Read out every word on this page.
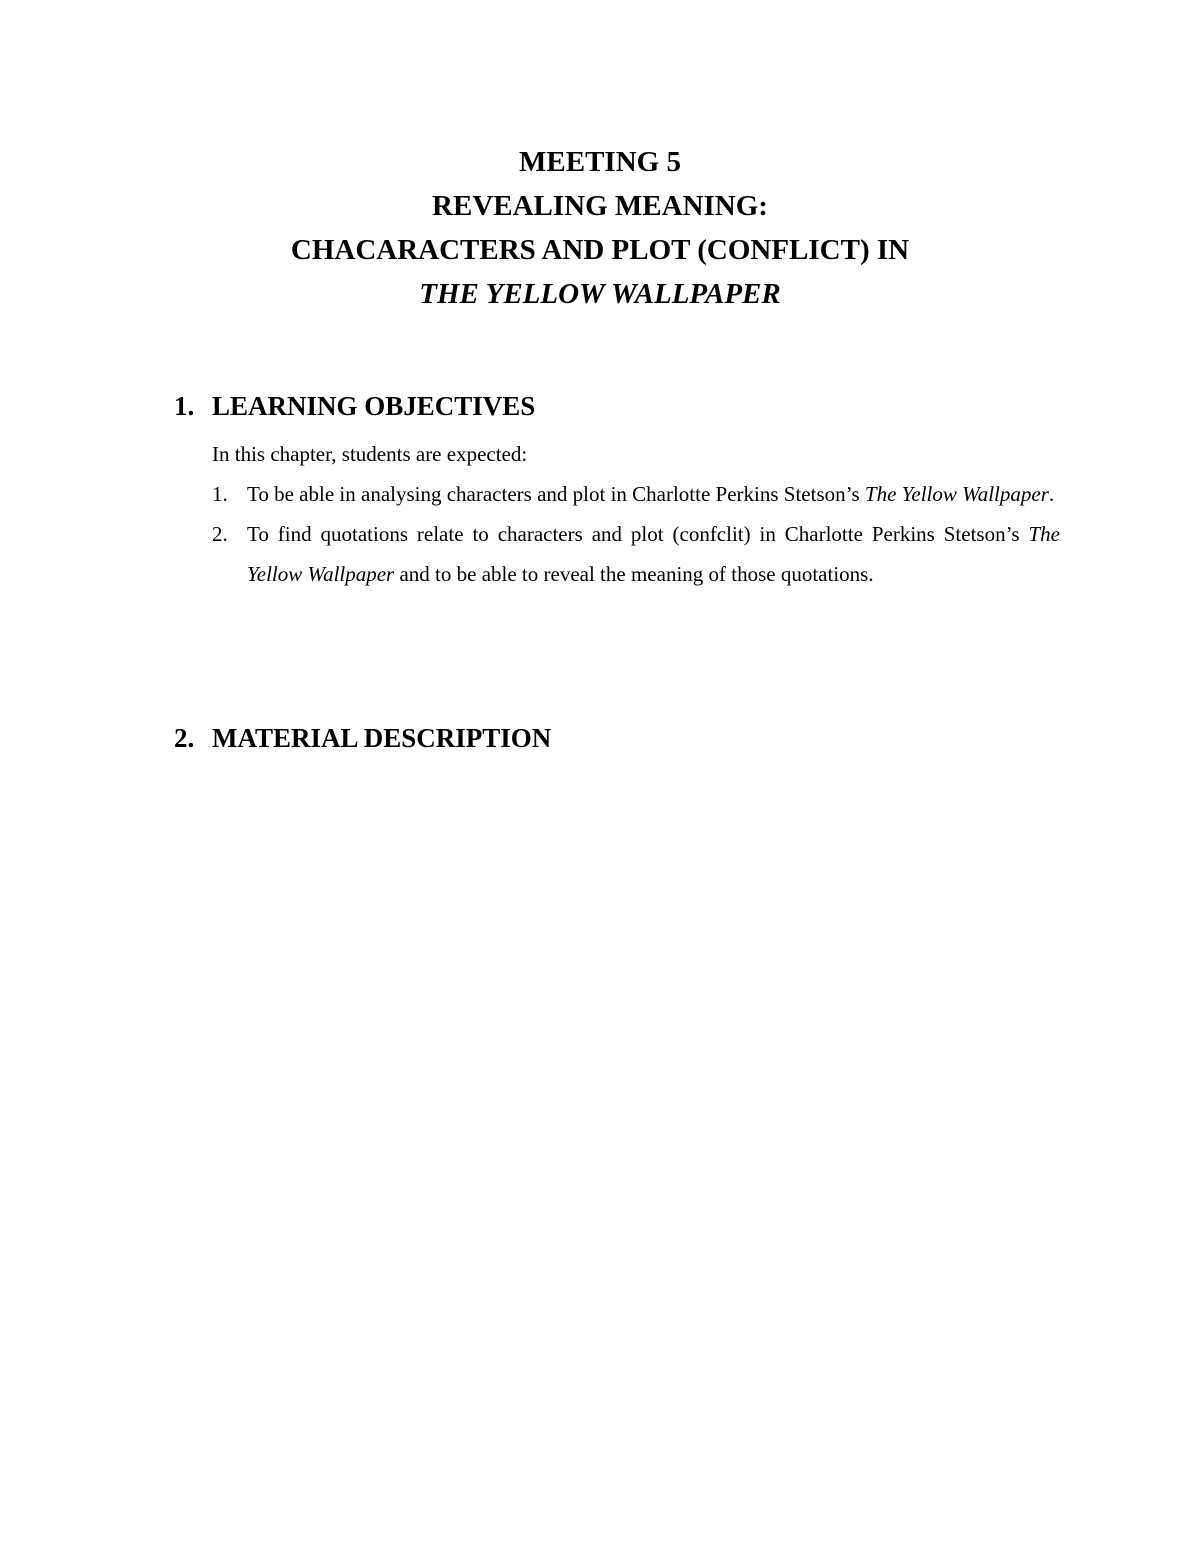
MEETING 5
REVEALING MEANING:
CHACARACTERS AND PLOT (CONFLICT) IN
THE YELLOW WALLPAPER
1. LEARNING OBJECTIVES
In this chapter, students are expected:
1. To be able in analysing characters and plot in Charlotte Perkins Stetson’s The Yellow Wallpaper.
2. To find quotations relate to characters and plot (confclit) in Charlotte Perkins Stetson’s The Yellow Wallpaper and to be able to reveal the meaning of those quotations.
2. MATERIAL DESCRIPTION
